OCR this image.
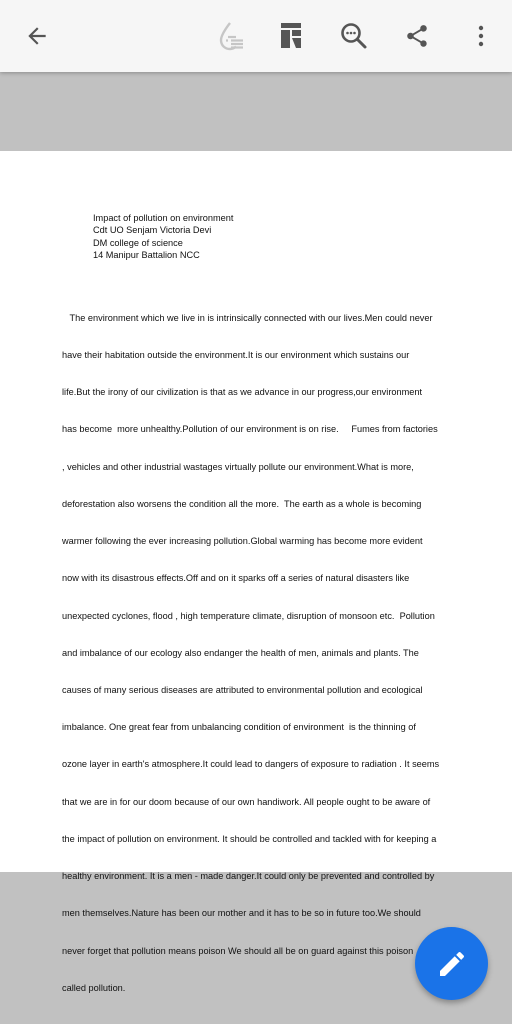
Impact of pollution on environment
Cdt UO Senjam Victoria Devi
DM college of science
14 Manipur Battalion NCC

The environment which we live in is intrinsically connected with our lives.Men could never

have their habitation outside the environment.It is our environment which sustains our

life.But the irony of our civilization is that as we advance in our progress,our environment

has become  more unhealthy.Pollution of our environment is on rise.     Fumes from factories

, vehicles and other industrial wastages virtually pollute our environment.What is more,

deforestation also worsens the condition all the more.  The earth as a whole is becoming

warmer following the ever increasing pollution.Global warming has become more evident

now with its disastrous effects.Off and on it sparks off a series of natural disasters like

unexpected cyclones, flood , high temperature climate, disruption of monsoon etc.  Pollution

and imbalance of our ecology also endanger the health of men, animals and plants. The

causes of many serious diseases are attributed to environmental pollution and ecological

imbalance. One great fear from unbalancing condition of environment  is the thinning of

ozone layer in earth's atmosphere.It could lead to dangers of exposure to radiation . It seems

that we are in for our doom because of our own handiwork. All people ought to be aware of

the impact of pollution on environment. It should be controlled and tackled with for keeping a

healthy environment. It is a men - made danger.It could only be prevented and controlled by

men themselves.Nature has been our mother and it has to be so in future too.We should

never forget that pollution means poison We should all be on guard against this poison

called pollution.
